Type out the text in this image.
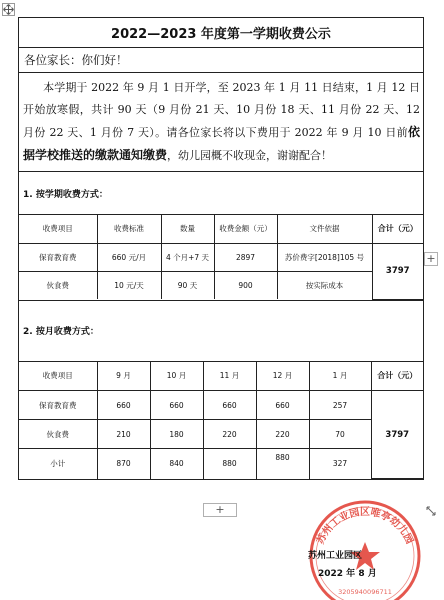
2022—2023 年度第一学期收费公示
各位家长：你们好！
本学期于 2022 年 9 月 1 日开学，至 2023 年 1 月 11 日结束，1 月 12 日开始放寒假，共计 90 天（9 月份 21 天、10 月份 18 天、11 月份 22 天、12 月份 22 天、1 月份 7 天）。请各位家长将以下费用于 2022 年 9 月 10 日前依据学校推送的缴款通知缴费，幼儿园概不收现金，谢谢配合！
1. 按学期收费方式：

收费项目	收费标准	数量	收费金额（元）	文件依据	合计（元）
保育教育费	660 元/月	4 个月+7 天	2897	苏价费字[2018]105 号	3797
伙食费	10 元/天	90 天	900	按实际成本

2. 按月收费方式：

收费项目	9 月	10 月	11 月	12 月	1 月	合计（元）
保育教育费	660	660	660	660	257	3797
伙食费	210	180	220	220	70
小计	870	840	880	880	327
+
+
苏州工业园区唯亭幼儿园
3205940096711
苏州工业园区
2022 年 8 月
